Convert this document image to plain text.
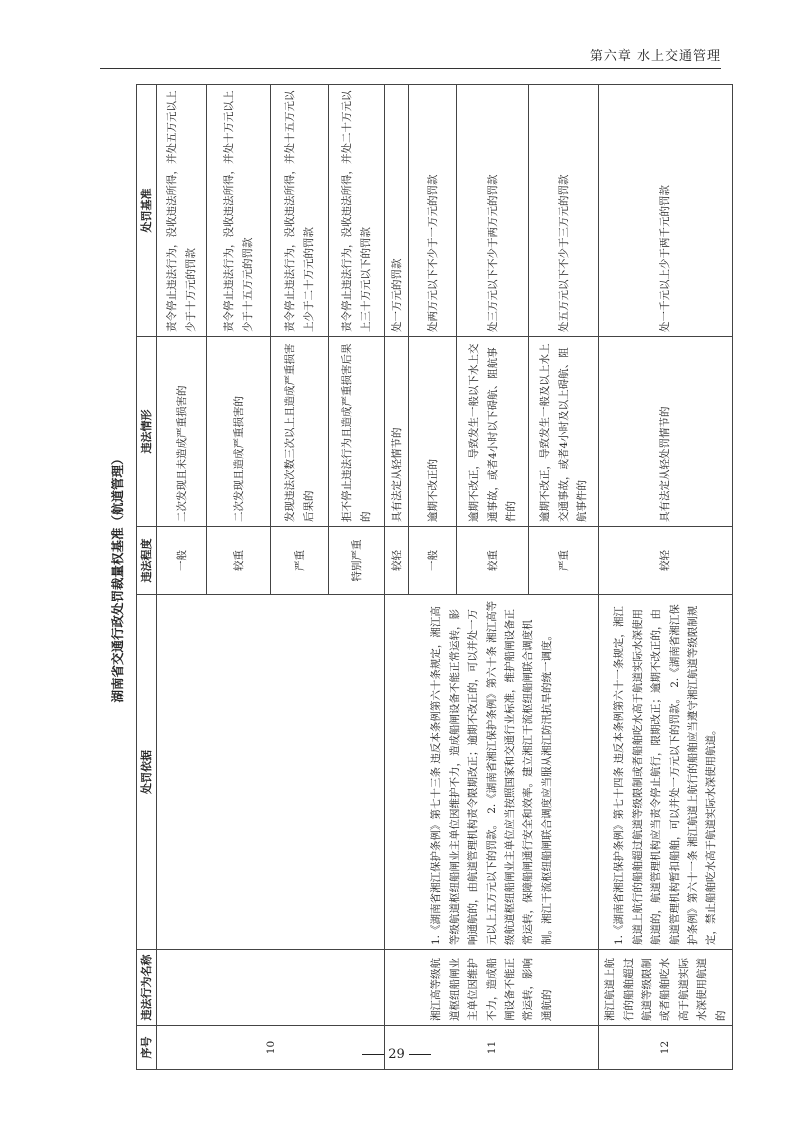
第六章 水上交通管理
湖南省交通行政处罚裁量权基准（航道管理）
序号	违法行为名称	处罚依据	违法程度	违法情形	处罚基准
10			一般	二次发现且未造成严重损害的	责令停止违法行为，没收违法所得，并处五万元以上少于十万元的罚款
			较重	二次发现且造成严重损害的	责令停止违法行为，没收违法所得，并处十万元以上少于十五万元的罚款
			严重	发现违法次数三次以上且造成严重损害后果的	责令停止违法行为，没收违法所得，并处十五万元以上少于二十万元的罚款
			特别严重	拒不停止违法行为且造成严重损害后果的	责令停止违法行为，没收违法所得，并处二十万元以上三十万元以下的罚款
11	湘江高等级航道枢纽船闸业主单位因维护不力，造成船闸设备不能正常运转，影响通航的	1.《湖南省湘江保护条例》第七十三条 违反本条例第六十条规定，湘江高等级航道枢纽船闸业主单位因维护不力，造成船闸设备不能正常运转，影响通航的，由航道管理机构责令限期改正；逾期不改正的，可以并处一万元以上五万元以下的罚款。　2.《湖南省湘江保护条例》第六十条 湘江高等级航道枢纽船闸业主单位应当按照国家和交通行业标准，维护船闸设备正常运转，保障船闸通行安全和效率。建立湘江干流枢纽船闸联合调度机制。湘江干流枢纽船闸联合调度应当服从湘江防汛抗旱的统一调度。	较轻	具有法定从轻情节的	处一万元的罚款
			一般	逾期不改正的	处两万元以下不少于一万元的罚款
			较重	逾期不改正，导致发生一般以下水上交通事故，或者4小时以下碍航、阻航事件的	处三万元以下不少于两万元的罚款
			严重	逾期不改正，导致发生一般及以上水上交通事故，或者4小时及以上碍航、阻航事件的	处五万元以下不少于三万元的罚款
12	湘江航道上航行的船舶超过航道等级限制或者船舶吃水高于航道实际水深使用航道的	1.《湖南省湘江保护条例》第七十四条 违反本条例第六十一条规定，湘江航道上航行的船舶超过航道等级限制或者船舶吃水高于航道实际水深使用航道的，航道管理机构应当责令停止航行，限期改正；逾期不改正的，由航道管理机构暂扣船舶，可以并处一万元以下的罚款。　2.《湖南省湘江保护条例》第六十一条 湘江航道上航行的船舶应当遵守湘江航道等级限制规定，禁止船舶吃水高于航道实际水深使用航道。	较轻	具有法定从轻处罚情节的	处一千元以上少于两千元的罚款
29
